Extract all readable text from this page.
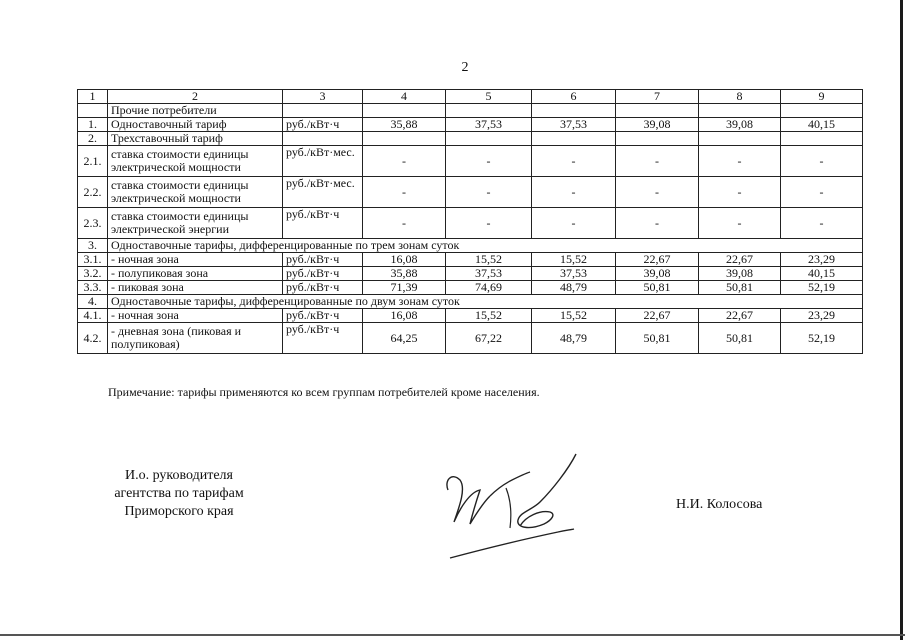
2
1	2	3	4	5	6	7	8	9
	Прочие потребители							
1.	Одноставочный тариф	руб./кВт·ч	35,88	37,53	37,53	39,08	39,08	40,15
2.	Трехставочный тариф							
2.1.	ставка стоимости единицы электрической мощности	руб./кВт·мес.	-	-	-	-	-	-
2.2.	ставка стоимости единицы электрической мощности	руб./кВт·мес.	-	-	-	-	-	-
2.3.	ставка стоимости единицы электрической энергии	руб./кВт·ч	-	-	-	-	-	-
3.	Одноставочные тарифы, дифференцированные по трем зонам суток							
3.1.	- ночная зона	руб./кВт·ч	16,08	15,52	15,52	22,67	22,67	23,29
3.2.	- полупиковая зона	руб./кВт·ч	35,88	37,53	37,53	39,08	39,08	40,15
3.3.	- пиковая зона	руб./кВт·ч	71,39	74,69	48,79	50,81	50,81	52,19
4.	Одноставочные тарифы, дифференцированные по двум зонам суток							
4.1.	- ночная зона	руб./кВт·ч	16,08	15,52	15,52	22,67	22,67	23,29
4.2.	- дневная зона (пиковая и полупиковая)	руб./кВт·ч	64,25	67,22	48,79	50,81	50,81	52,19
Примечание: тарифы применяются ко всем группам потребителей кроме населения.
И.о. руководителя
агентства по тарифам
Приморского края	Н.И. Колосова
